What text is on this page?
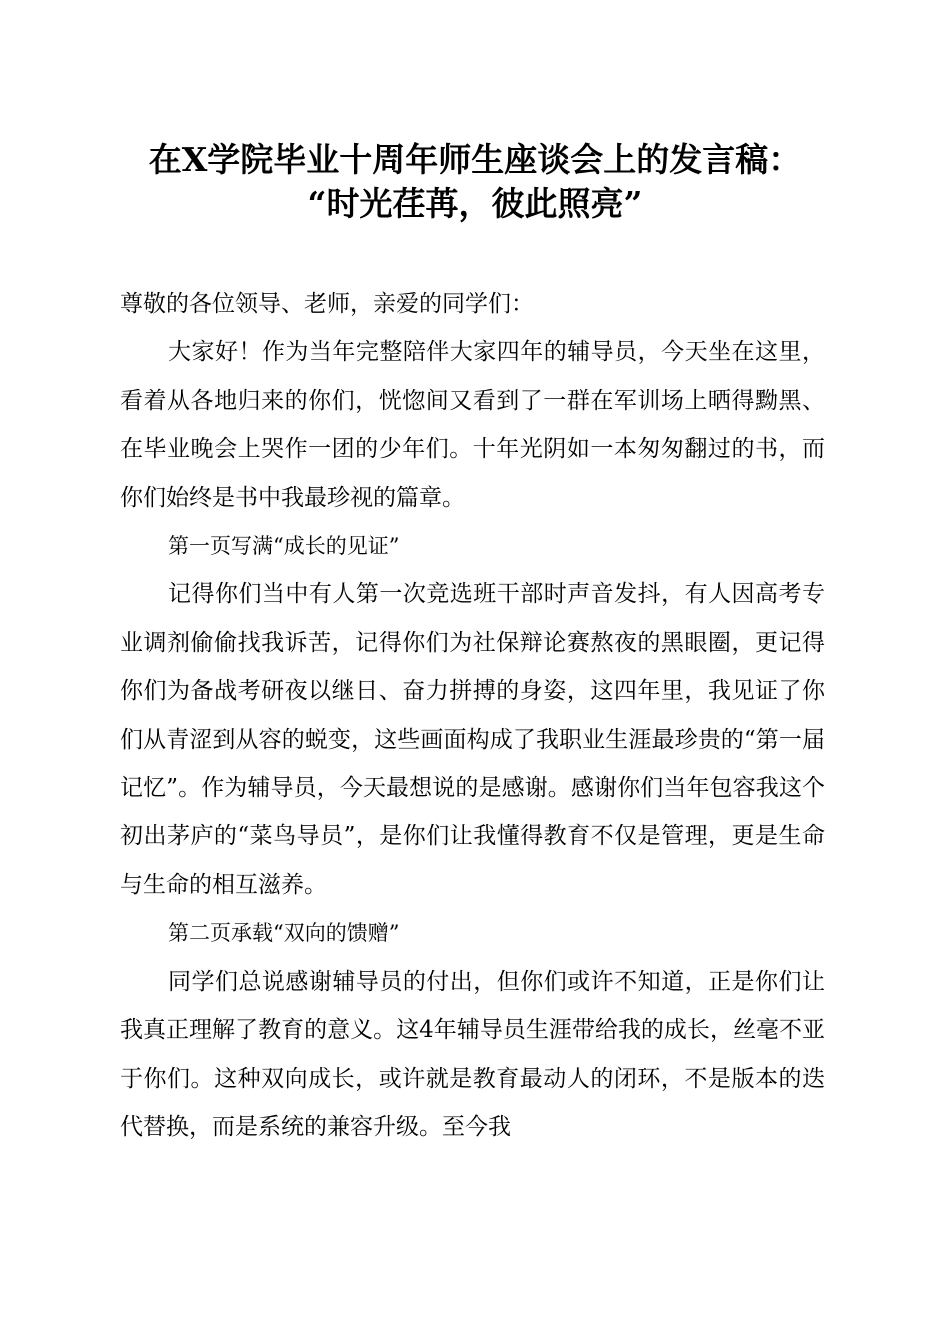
在X学院毕业十周年师生座谈会上的发言稿：
“时光荏苒，彼此照亮”

尊敬的各位领导、老师，亲爱的同学们：

大家好！作为当年完整陪伴大家四年的辅导员，今天坐在这里，看着从各地归来的你们，恍惚间又看到了一群在军训场上晒得黝黑、在毕业晚会上哭作一团的少年们。十年光阴如一本匆匆翻过的书，而你们始终是书中我最珍视的篇章。

第一页写满“成长的见证”

记得你们当中有人第一次竞选班干部时声音发抖，有人因高考专业调剂偷偷找我诉苦，记得你们为社保辩论赛熬夜的黑眼圈，更记得你们为备战考研夜以继日、奋力拼搏的身姿，这四年里，我见证了你们从青涩到从容的蜕变，这些画面构成了我职业生涯最珍贵的“第一届记忆”。作为辅导员，今天最想说的是感谢。感谢你们当年包容我这个初出茅庐的“菜鸟导员”，是你们让我懂得教育不仅是管理，更是生命与生命的相互滋养。

第二页承载“双向的馈赠”

同学们总说感谢辅导员的付出，但你们或许不知道，正是你们让我真正理解了教育的意义。这4年辅导员生涯带给我的成长，丝毫不亚于你们。这种双向成长，或许就是教育最动人的闭环，不是版本的迭代替换，而是系统的兼容升级。至今我
